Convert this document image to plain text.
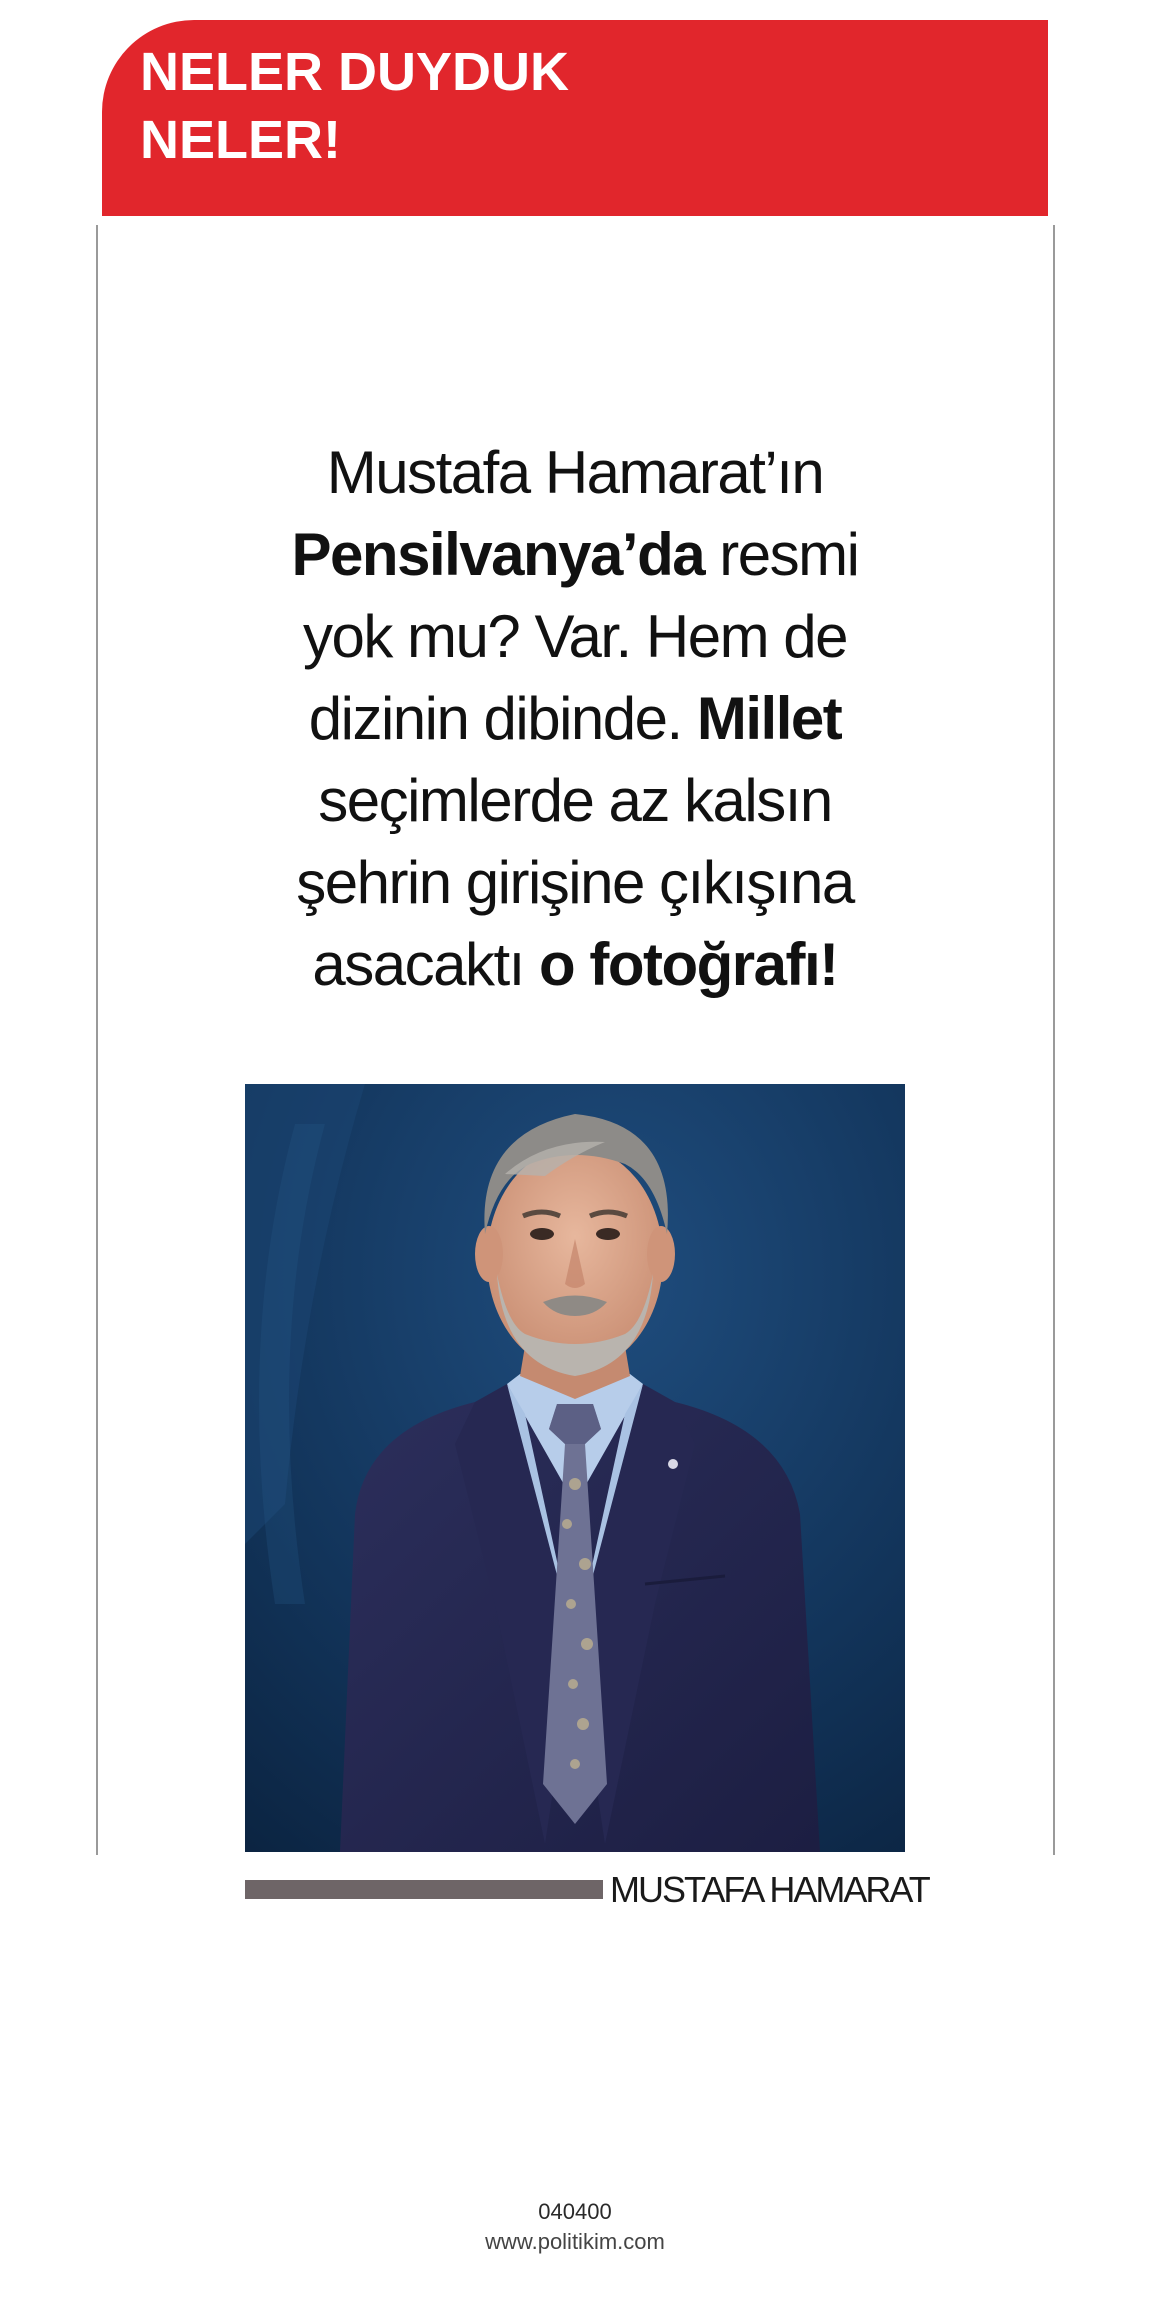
NELER DUYDUK
NELER!

Mustafa Hamarat’ın
Pensilvanya’da resmi
yok mu? Var. Hem de
dizinin dibinde. Millet
seçimlerde az kalsın
şehrin girişine çıkışına
asacaktı o fotoğrafı!

MUSTAFA HAMARAT
040400
www.politikim.com
